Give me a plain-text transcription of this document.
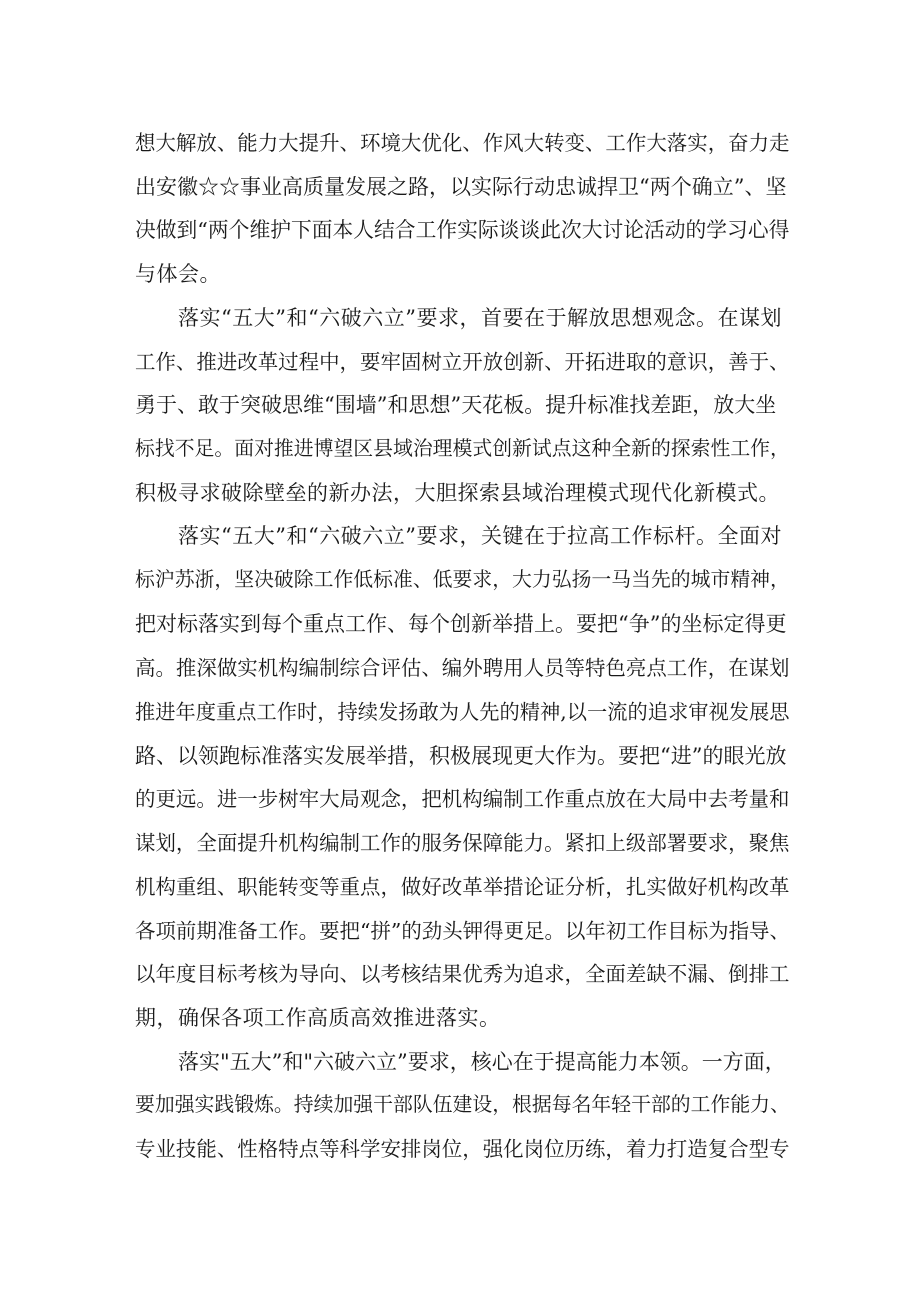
想大解放、能力大提升、环境大优化、作风大转变、工作大落实，奋力走

出安徽☆☆事业高质量发展之路，以实际行动忠诚捍卫“两个确立”、坚

决做到“两个维护下面本人结合工作实际谈谈此次大讨论活动的学习心得

与体会。

落实“五大”和“六破六立”要求，首要在于解放思想观念。在谋划

工作、推进改革过程中，要牢固树立开放创新、开拓进取的意识，善于、

勇于、敢于突破思维“围墙”和思想”天花板。提升标准找差距，放大坐

标找不足。面对推进博望区县域治理模式创新试点这种全新的探索性工作，

积极寻求破除壁垒的新办法，大胆探索县域治理模式现代化新模式。

落实“五大”和“六破六立”要求，关键在于拉高工作标杆。全面对

标沪苏浙，坚决破除工作低标准、低要求，大力弘扬一马当先的城市精神，

把对标落实到每个重点工作、每个创新举措上。要把“争”的坐标定得更

高。推深做实机构编制综合评估、编外聘用人员等特色亮点工作，在谋划

推进年度重点工作时，持续发扬敢为人先的精神,以一流的追求审视发展思

路、以领跑标准落实发展举措，积极展现更大作为。要把“进”的眼光放

的更远。进一步树牢大局观念，把机构编制工作重点放在大局中去考量和

谋划，全面提升机构编制工作的服务保障能力。紧扣上级部署要求，聚焦

机构重组、职能转变等重点，做好改革举措论证分析，扎实做好机构改革

各项前期准备工作。要把“拼”的劲头钾得更足。以年初工作目标为指导、

以年度目标考核为导向、以考核结果优秀为追求，全面差缺不漏、倒排工

期，确保各项工作高质高效推进落实。

落实"五大”和"六破六立”要求，核心在于提高能力本领。一方面，

要加强实践锻炼。持续加强干部队伍建设，根据每名年轻干部的工作能力、

专业技能、性格特点等科学安排岗位，强化岗位历练，着力打造复合型专
